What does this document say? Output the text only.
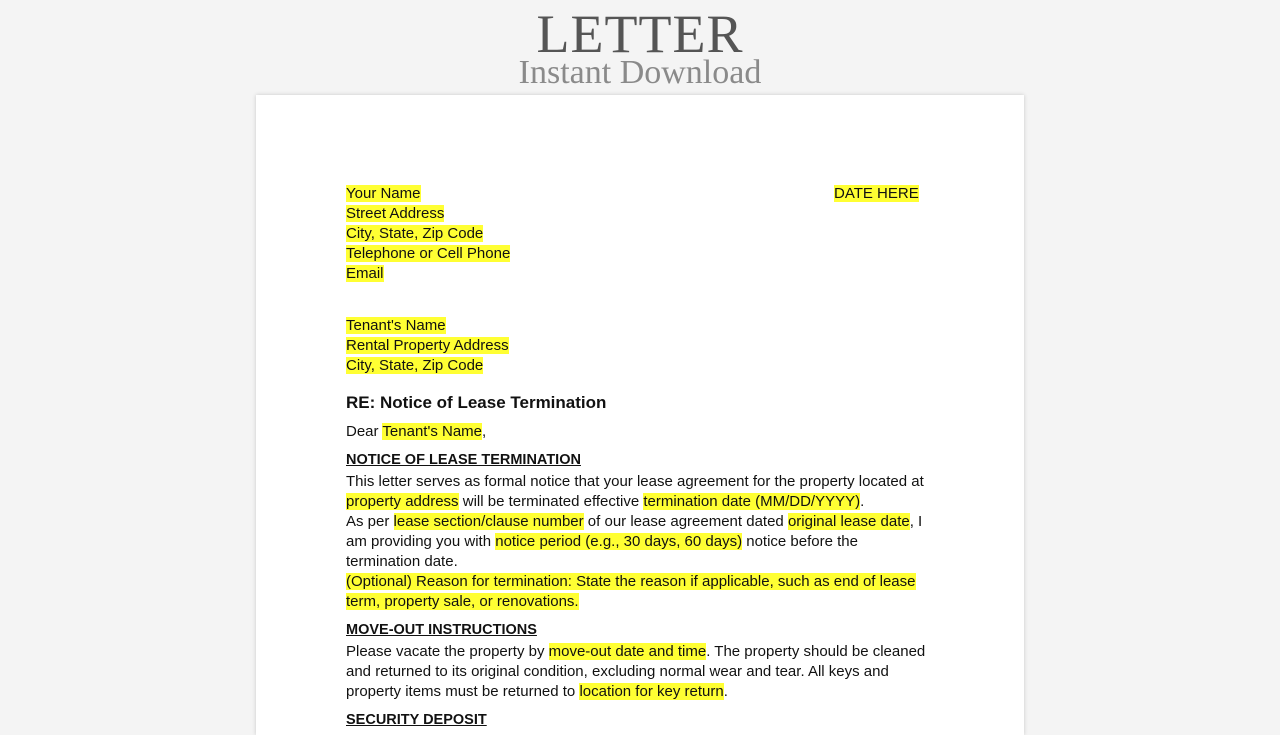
LETTER
Instant Download
DATE HERE
Your Name
Street Address
City, State, Zip Code
Telephone or Cell Phone
Email
Tenant's Name
Rental Property Address
City, State, Zip Code
RE: Notice of Lease Termination
Dear Tenant's Name,
NOTICE OF LEASE TERMINATION
This letter serves as formal notice that your lease agreement for the property located at
property address will be terminated effective termination date (MM/DD/YYYY).
As per lease section/clause number of our lease agreement dated original lease date, I
am providing you with notice period (e.g., 30 days, 60 days) notice before the
termination date.
(Optional) Reason for termination: State the reason if applicable, such as end of lease
term, property sale, or renovations.
MOVE-OUT INSTRUCTIONS
Please vacate the property by move-out date and time. The property should be cleaned
and returned to its original condition, excluding normal wear and tear. All keys and
property items must be returned to location for key return.
SECURITY DEPOSIT
